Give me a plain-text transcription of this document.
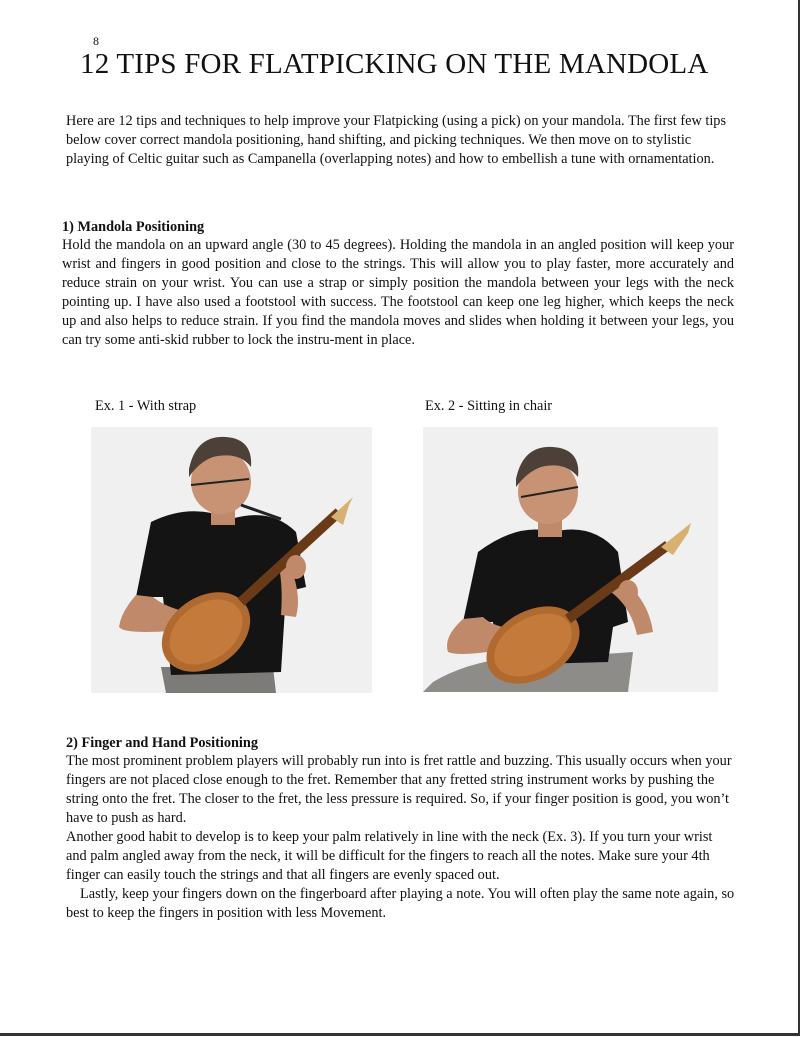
8
12 TIPS FOR FLATPICKING ON THE MANDOLA

Here are 12 tips and techniques to help improve your Flatpicking (using a pick) on your mandola. The first few tips below cover correct mandola positioning, hand shifting, and picking techniques. We then move on to stylistic playing of Celtic guitar such as Campanella (overlapping notes) and how to embellish a tune with ornamentation.

1) Mandola Positioning

Hold the mandola on an upward angle (30 to 45 degrees). Holding the mandola in an angled position will keep your wrist and fingers in good position and close to the strings. This will allow you to play faster, more accurately and reduce strain on your wrist. You can use a strap or simply position the mandola between your legs with the neck pointing up. I have also used a footstool with success. The footstool can keep one leg higher, which keeps the neck up and also helps to reduce strain. If you find the mandola moves and slides when holding it between your legs, you can try some anti-skid rubber to lock the instru-ment in place.

Ex. 1 - With strap	Ex. 2 - Sitting in chair

2) Finger and Hand Positioning

The most prominent problem players will probably run into is fret rattle and buzzing. This usually occurs when your fingers are not placed close enough to the fret. Remember that any fretted string instrument works by pushing the string onto the fret. The closer to the fret, the less pressure is required. So, if your finger position is good, you won’t have to push as hard.
Another good habit to develop is to keep your palm relatively in line with the neck (Ex. 3). If you turn your wrist and palm angled away from the neck, it will be difficult for the fingers to reach all the notes. Make sure your 4th finger can easily touch the strings and that all fingers are evenly spaced out.
Lastly, keep your fingers down on the fingerboard after playing a note. You will often play the same note again, so best to keep the fingers in position with less Movement.
